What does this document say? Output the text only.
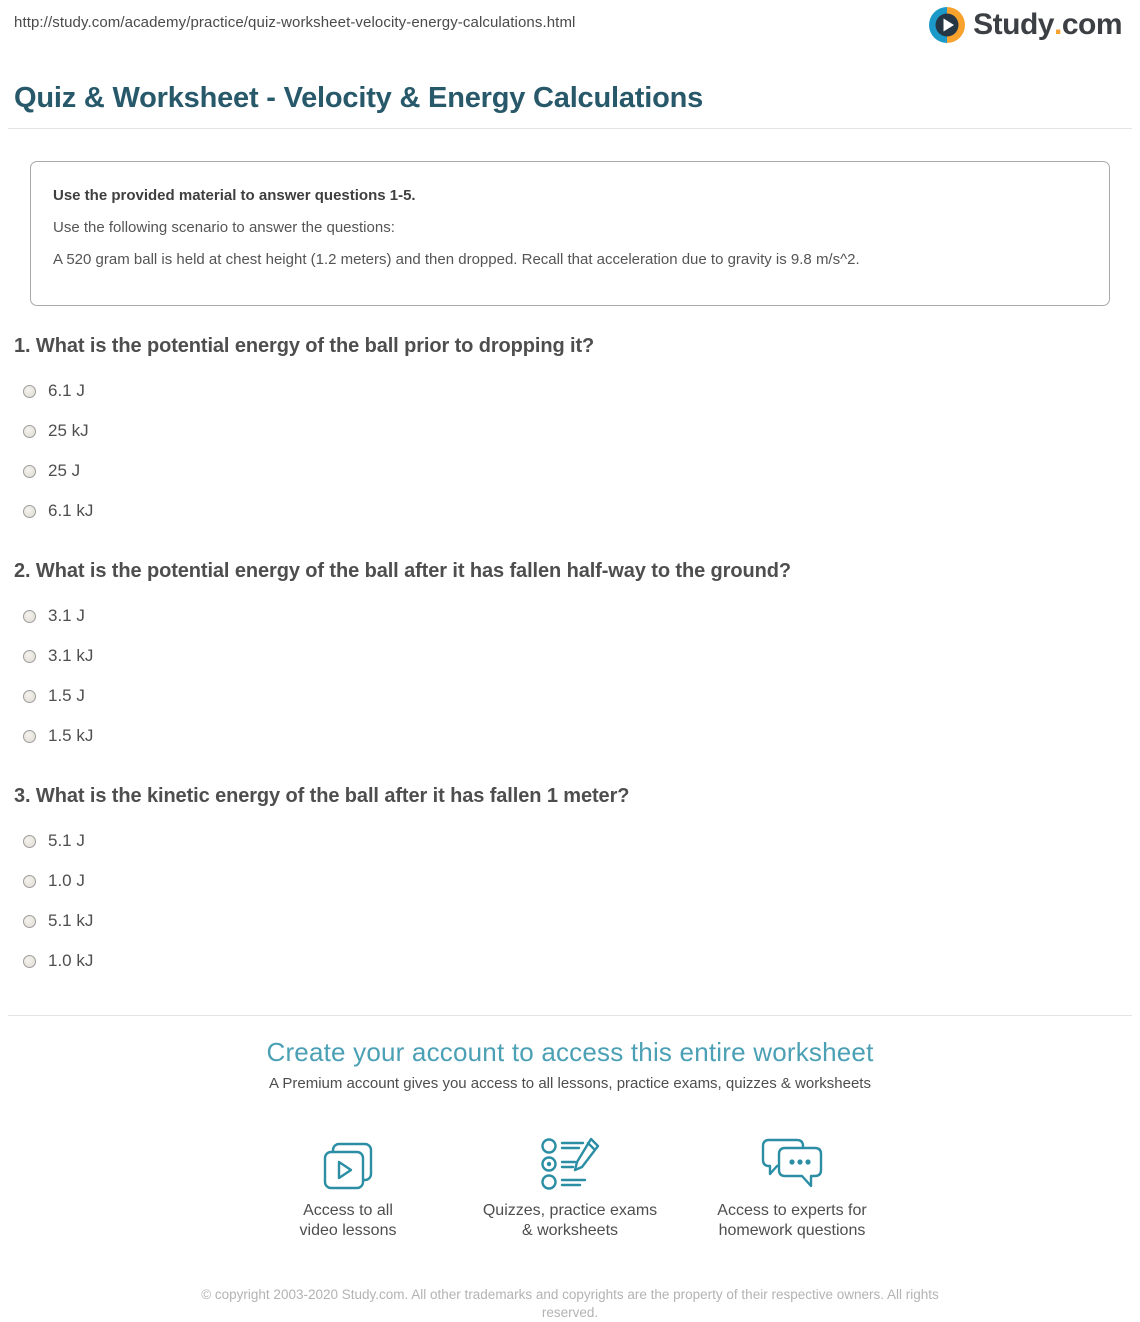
http://study.com/academy/practice/quiz-worksheet-velocity-energy-calculations.html	Study . com
Quiz & Worksheet - Velocity & Energy Calculations
Use the provided material to answer questions 1-5.
Use the following scenario to answer the questions:
A 520 gram ball is held at chest height (1.2 meters) and then dropped. Recall that acceleration due to gravity is 9.8 m/s^2.
1. What is the potential energy of the ball prior to dropping it?
6.1 J
25 kJ
25 J
6.1 kJ
2. What is the potential energy of the ball after it has fallen half-way to the ground?
3.1 J
3.1 kJ
1.5 J
1.5 kJ
3. What is the kinetic energy of the ball after it has fallen 1 meter?
5.1 J
1.0 J
5.1 kJ
1.0 kJ
Create your account to access this entire worksheet
A Premium account gives you access to all lessons, practice exams, quizzes & worksheets
Access to all
video lessons
Quizzes, practice exams
& worksheets
Access to experts for
homework questions
© copyright 2003-2020 Study.com. All other trademarks and copyrights are the property of their respective owners. All rights reserved.
